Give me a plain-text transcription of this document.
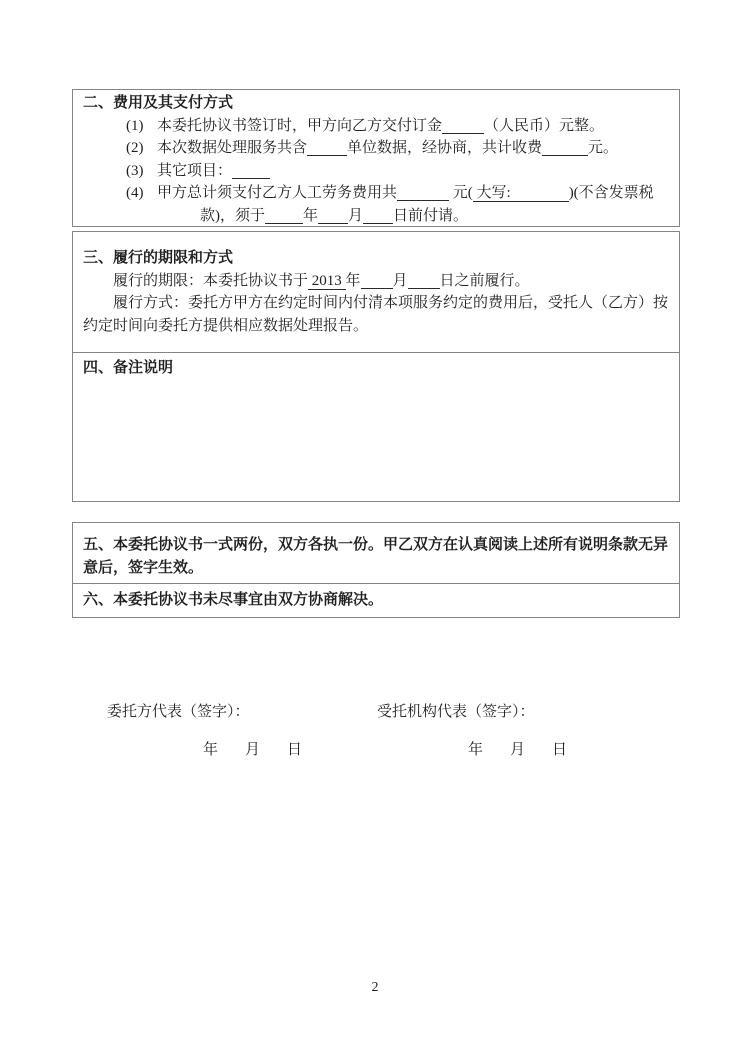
二、费用及其支付方式
(1) 本委托协议书签订时，甲方向乙方交付订金	（人民币）元整。
(2) 本次数据处理服务共含	单位数据，经协商，共计收费	元。
(3) 其它项目：
(4) 甲方总计须支付乙方人工劳务费用共	元( 大写:	)(不含发票税
款)，须于	年 月 日前付请。
三、履行的期限和方式
履行的期限：本委托协议书于 2013 年 月 日之前履行。
履行方式：委托方甲方在约定时间内付清本项服务约定的费用后，受托人（乙方）按约定时间向委托方提供相应数据处理报告。
四、备注说明
五、本委托协议书一式两份，双方各执一份。甲乙双方在认真阅读上述所有说明条款无异意后，签字生效。
六、本委托协议书未尽事宜由双方协商解决。
委托方代表（签字）：	受托机构代表（签字）：
年　月　日	年　月　日
2
